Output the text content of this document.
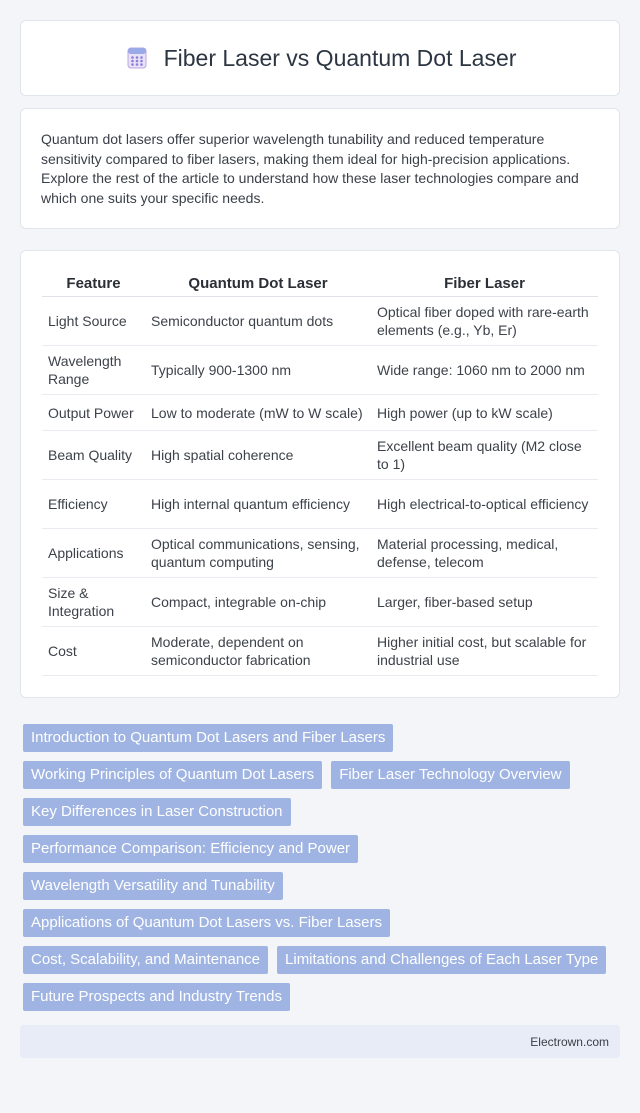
Fiber Laser vs Quantum Dot Laser
Quantum dot lasers offer superior wavelength tunability and reduced temperature sensitivity compared to fiber lasers, making them ideal for high-precision applications. Explore the rest of the article to understand how these laser technologies compare and which one suits your specific needs.
Feature	Quantum Dot Laser	Fiber Laser
Light Source	Semiconductor quantum dots	Optical fiber doped with rare-earth elements (e.g., Yb, Er)
Wavelength Range	Typically 900-1300 nm	Wide range: 1060 nm to 2000 nm
Output Power	Low to moderate (mW to W scale)	High power (up to kW scale)
Beam Quality	High spatial coherence	Excellent beam quality (M2 close to 1)
Efficiency	High internal quantum efficiency	High electrical-to-optical efficiency
Applications	Optical communications, sensing, quantum computing	Material processing, medical, defense, telecom
Size & Integration	Compact, integrable on-chip	Larger, fiber-based setup
Cost	Moderate, dependent on semiconductor fabrication	Higher initial cost, but scalable for industrial use
Introduction to Quantum Dot Lasers and Fiber Lasers
Working Principles of Quantum Dot Lasers	Fiber Laser Technology Overview
Key Differences in Laser Construction
Performance Comparison: Efficiency and Power
Wavelength Versatility and Tunability
Applications of Quantum Dot Lasers vs. Fiber Lasers
Cost, Scalability, and Maintenance	Limitations and Challenges of Each Laser Type
Future Prospects and Industry Trends
Electrown.com
